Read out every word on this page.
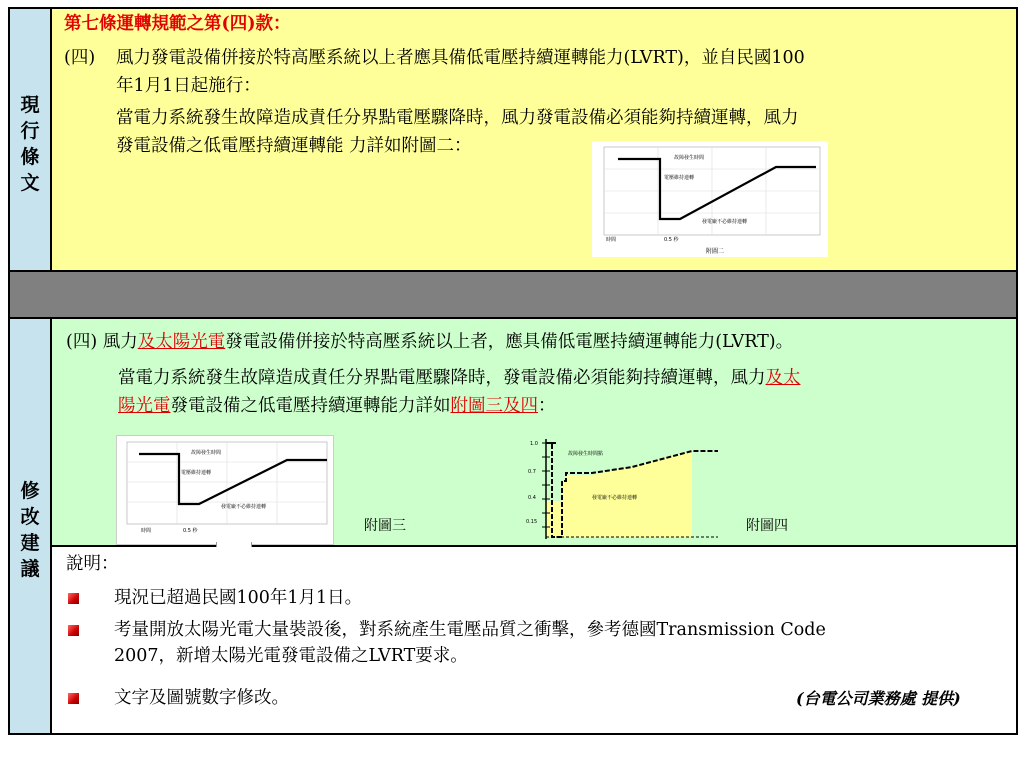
現
行
條
文
第七條運轉規範之第(四)款：
(四) 風力發電設備併接於特高壓系統以上者應具備低電壓持續運轉能力(LVRT)，並自民國100
年1月1日起施行：
當電力系統發生故障造成責任分界點電壓驟降時，風力發電設備必須能夠持續運轉，風力
發電設備之低電壓持續運轉能 力詳如附圖二：
故障發生時間
電壓維持連轉
發電廠不必維持連轉
時間	0.5 秒
附圖二
修
改
建
議
(四) 風力及太陽光電發電設備併接於特高壓系統以上者，應具備低電壓持續運轉能力(LVRT)。
當電力系統發生故障造成責任分界點電壓驟降時，發電設備必須能夠持續運轉，風力及太
陽光電發電設備之低電壓持續運轉能力詳如附圖三及四：
故障發生時間
電壓維持連轉
發電廠不必維持連轉
時間	0.5 秒	附圖三
1.0
0.7
0.4
0.15
故障發生時間點
發電廠不必維持連轉
附圖四
說明：
現況已超過民國100年1月1日。
考量開放太陽光電大量裝設後，對系統產生電壓品質之衝擊，參考德國Transmission Code
2007，新增太陽光電發電設備之LVRT要求。
文字及圖號數字修改。	(台電公司業務處 提供)
